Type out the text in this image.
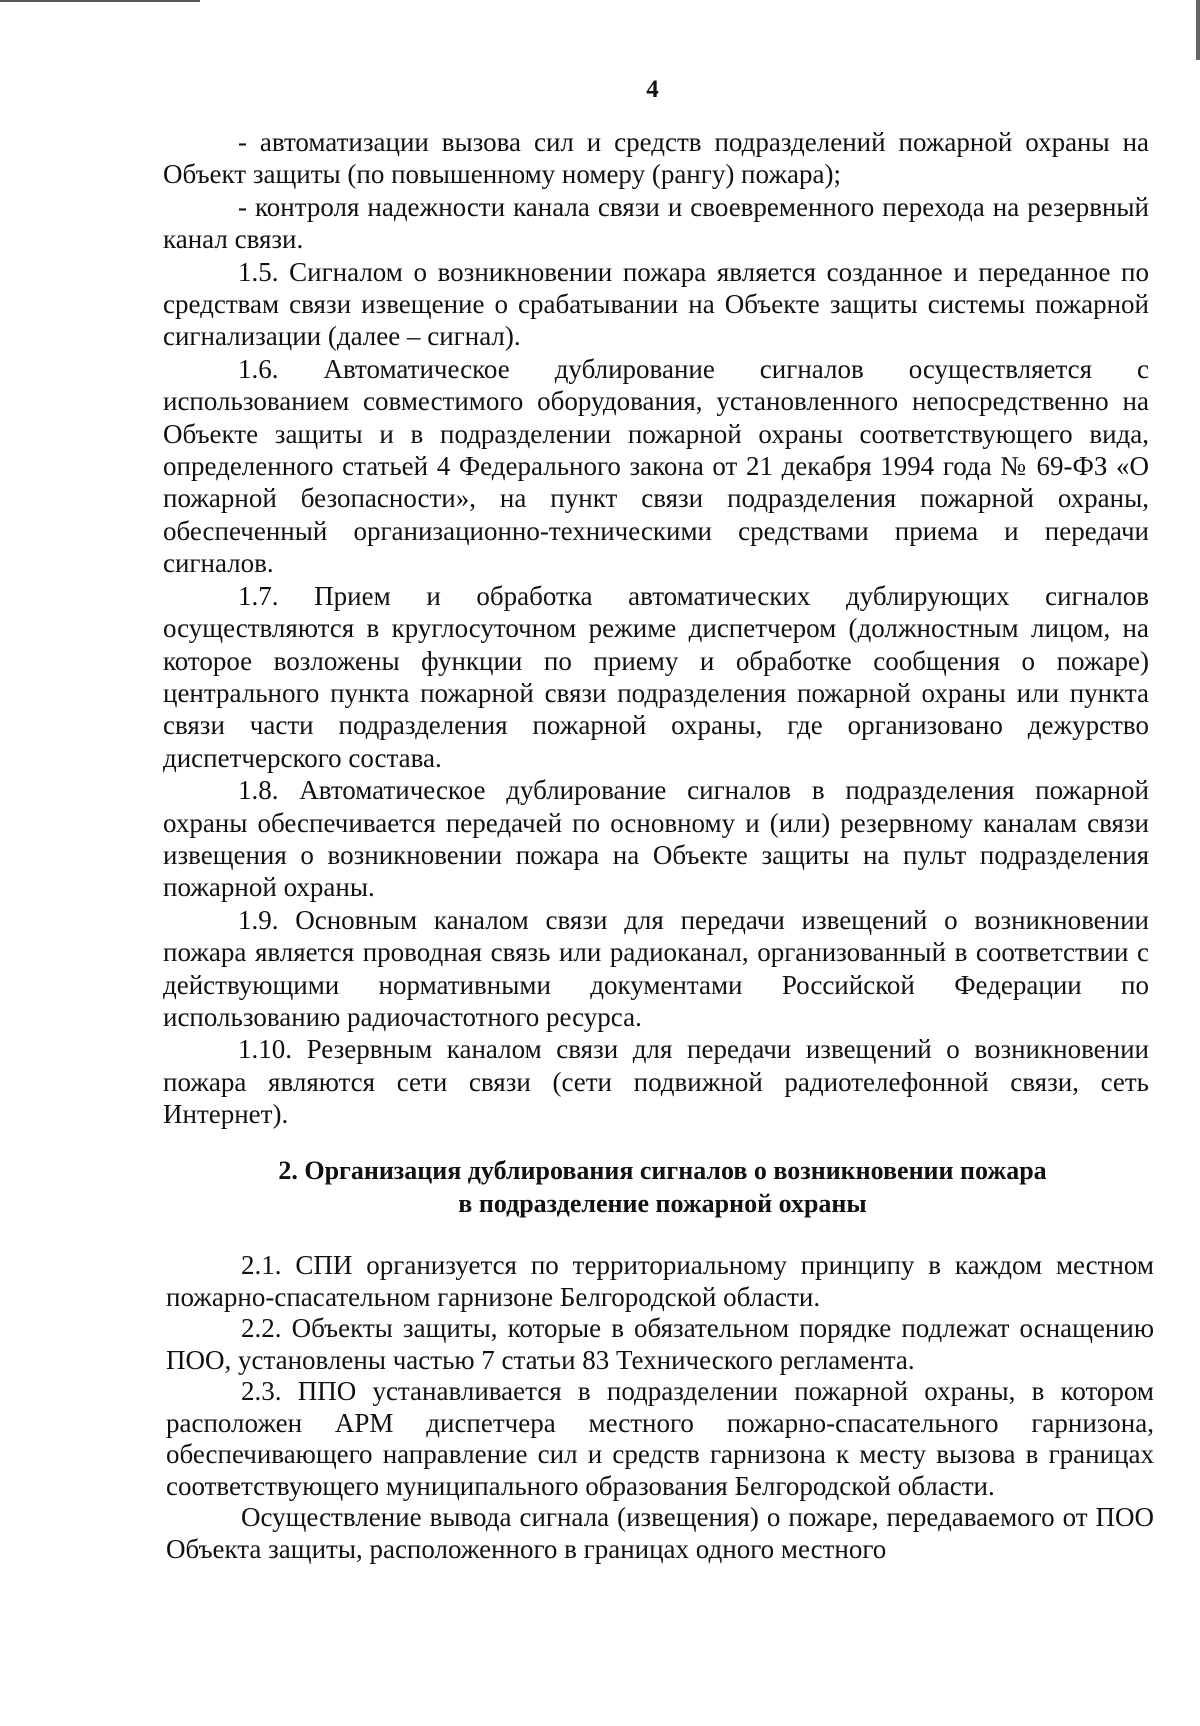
4

- автоматизации вызова сил и средств подразделений пожарной охраны на Объект защиты (по повышенному номеру (рангу) пожара);

- контроля надежности канала связи и своевременного перехода на резервный канал связи.

1.5. Сигналом о возникновении пожара является созданное и переданное по средствам связи извещение о срабатывании на Объекте защиты системы пожарной сигнализации (далее – сигнал).

1.6. Автоматическое дублирование сигналов осуществляется с использованием совместимого оборудования, установленного непосредственно на Объекте защиты и в подразделении пожарной охраны соответствующего вида, определенного статьей 4 Федерального закона от 21 декабря 1994 года № 69-ФЗ «О пожарной безопасности», на пункт связи подразделения пожарной охраны, обеспеченный организационно-техническими средствами приема и передачи сигналов.

1.7. Прием и обработка автоматических дублирующих сигналов осуществляются в круглосуточном режиме диспетчером (должностным лицом, на которое возложены функции по приему и обработке сообщения о пожаре) центрального пункта пожарной связи подразделения пожарной охраны или пункта связи части подразделения пожарной охраны, где организовано дежурство диспетчерского состава.

1.8. Автоматическое дублирование сигналов в подразделения пожарной охраны обеспечивается передачей по основному и (или) резервному каналам связи извещения о возникновении пожара на Объекте защиты на пульт подразделения пожарной охраны.

1.9. Основным каналом связи для передачи извещений о возникновении пожара является проводная связь или радиоканал, организованный в соответствии с действующими нормативными документами Российской Федерации по использованию радиочастотного ресурса.

1.10. Резервным каналом связи для передачи извещений о возникновении пожара являются сети связи (сети подвижной радиотелефонной связи, сеть Интернет).

2. Организация дублирования сигналов о возникновении пожара
в подразделение пожарной охраны

2.1. СПИ организуется по территориальному принципу в каждом местном пожарно-спасательном гарнизоне Белгородской области.

2.2. Объекты защиты, которые в обязательном порядке подлежат оснащению ПОО, установлены частью 7 статьи 83 Технического регламента.

2.3. ППО устанавливается в подразделении пожарной охраны, в котором расположен АРМ диспетчера местного пожарно-спасательного гарнизона, обеспечивающего направление сил и средств гарнизона к месту вызова в границах соответствующего муниципального образования Белгородской области.

Осуществление вывода сигнала (извещения) о пожаре, передаваемого от ПОО Объекта защиты, расположенного в границах одного местного
